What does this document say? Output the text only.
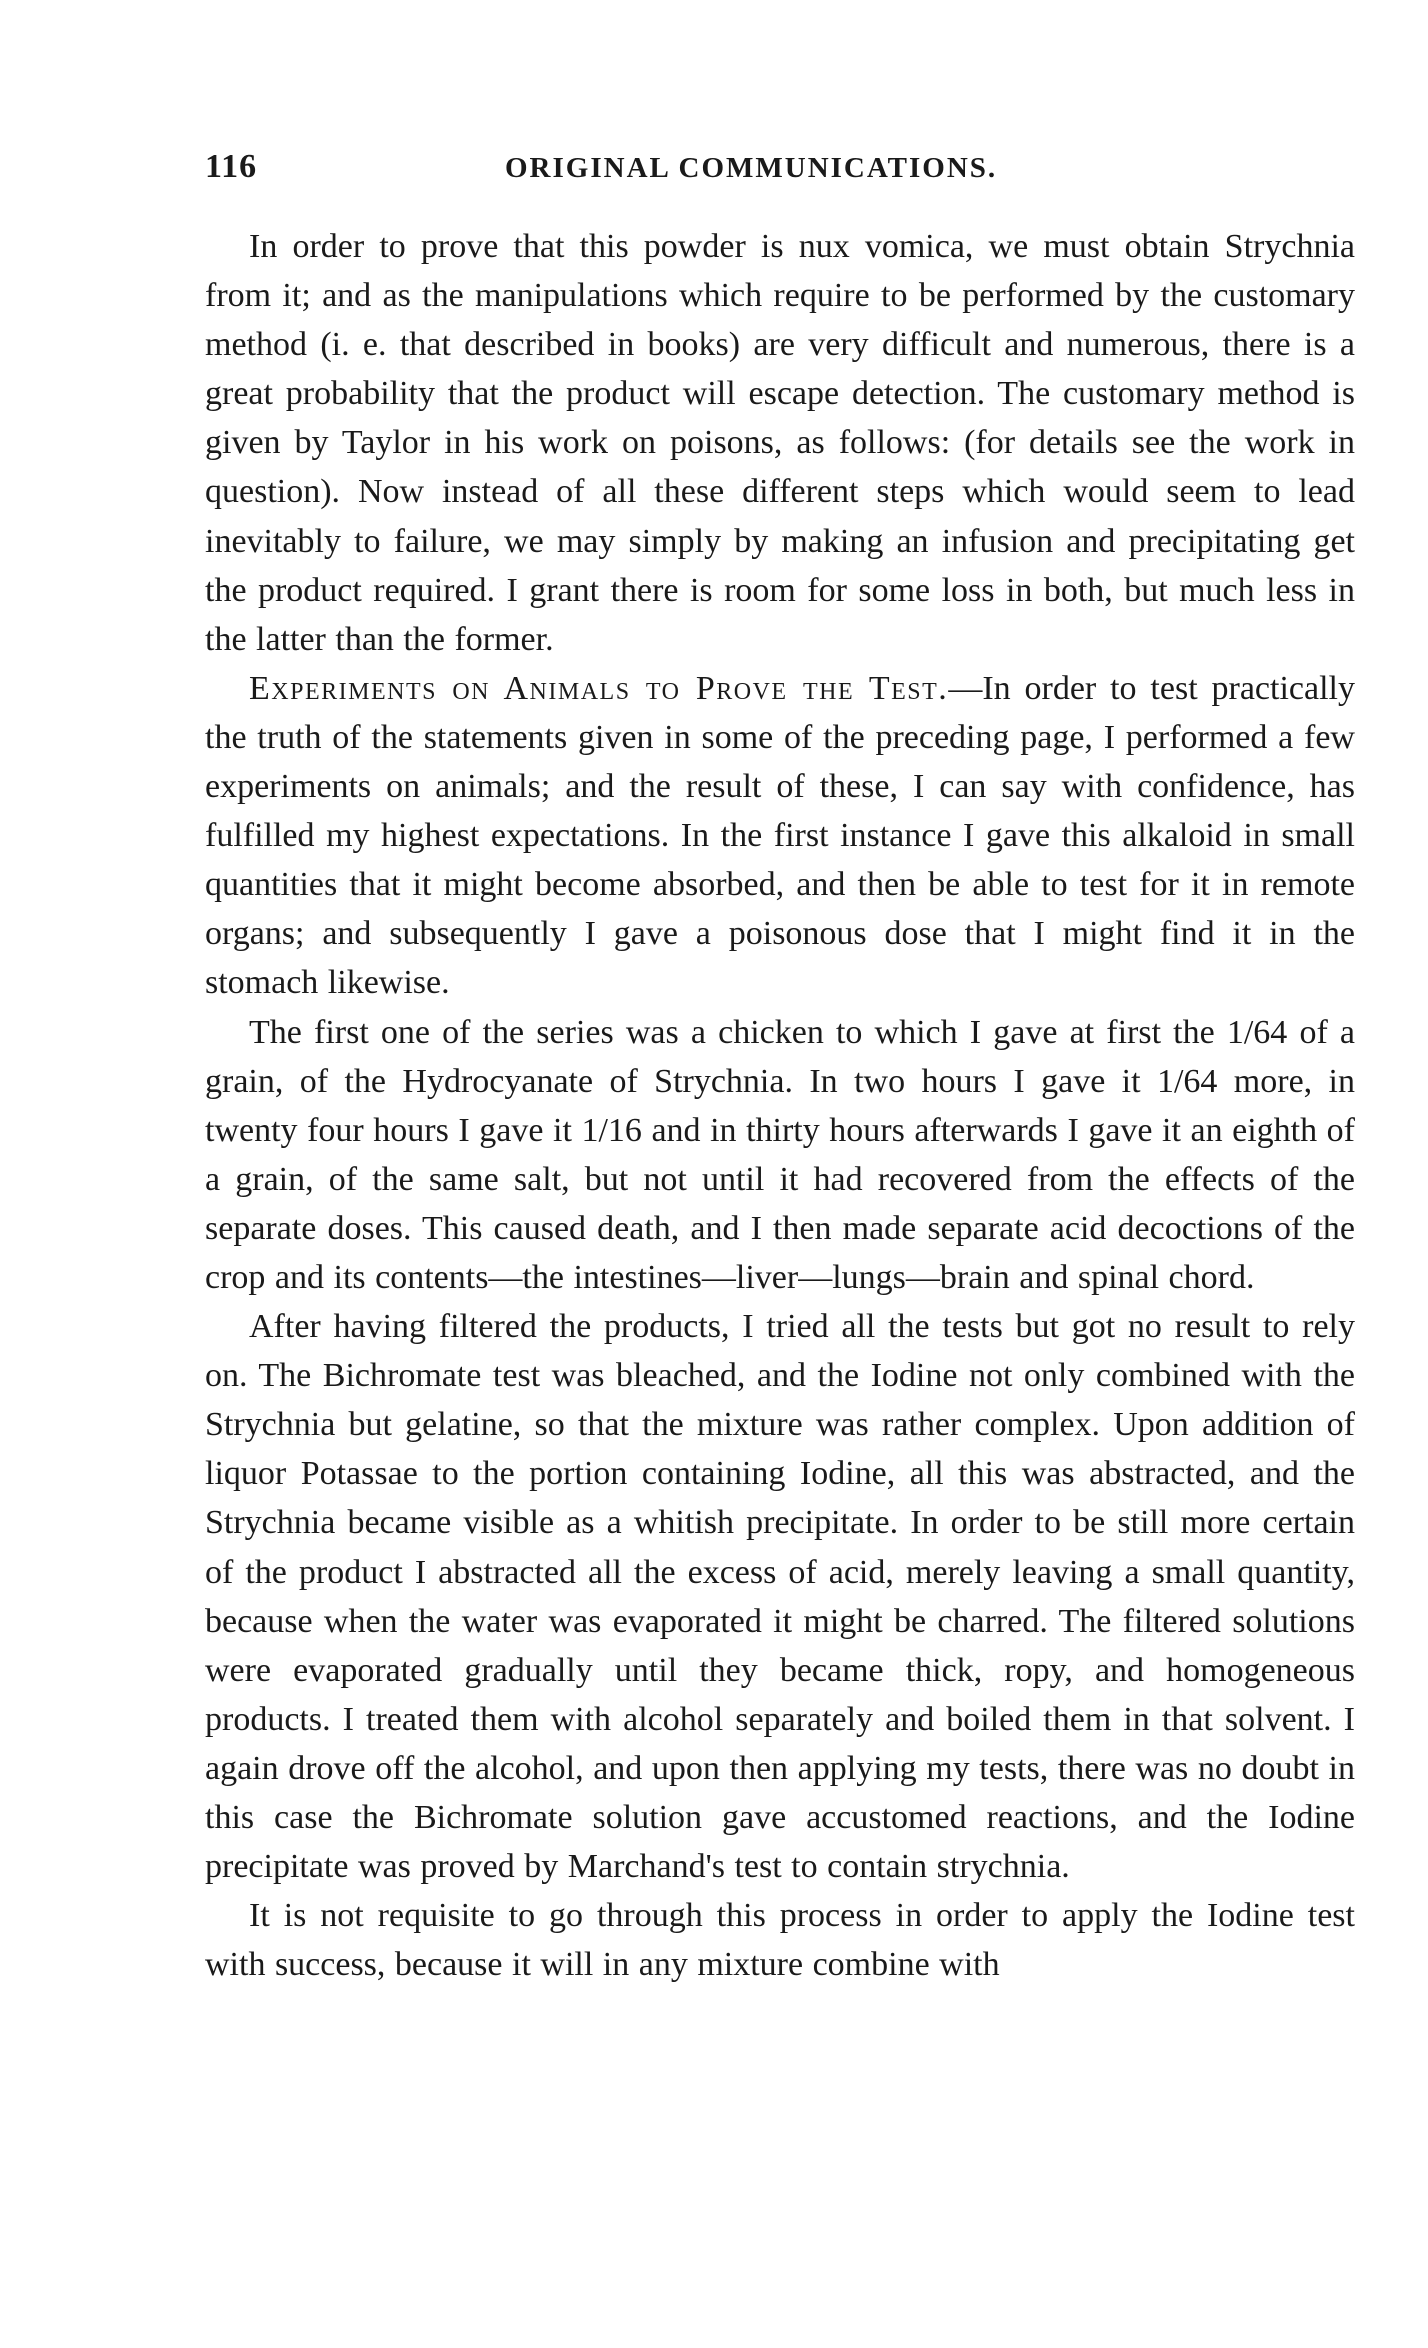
116	ORIGINAL COMMUNICATIONS.

In order to prove that this powder is nux vomica, we must obtain Strychnia from it; and as the manipulations which require to be performed by the customary method (i. e. that described in books) are very difficult and numerous, there is a great probability that the product will escape detection. The customary method is given by Taylor in his work on poisons, as follows: (for details see the work in question). Now instead of all these different steps which would seem to lead inevitably to failure, we may simply by making an infusion and precipitating get the product required. I grant there is room for some loss in both, but much less in the latter than the former.

Experiments on Animals to Prove the Test.—In order to test practically the truth of the statements given in some of the preceding page, I performed a few experiments on animals; and the result of these, I can say with confidence, has fulfilled my highest expectations. In the first instance I gave this alkaloid in small quantities that it might become absorbed, and then be able to test for it in remote organs; and subsequently I gave a poisonous dose that I might find it in the stomach likewise.

The first one of the series was a chicken to which I gave at first the 1/64 of a grain, of the Hydrocyanate of Strychnia. In two hours I gave it 1/64 more, in twenty four hours I gave it 1/16 and in thirty hours afterwards I gave it an eighth of a grain, of the same salt, but not until it had recovered from the effects of the separate doses. This caused death, and I then made separate acid decoctions of the crop and its contents—the intestines—liver—lungs—brain and spinal chord.

After having filtered the products, I tried all the tests but got no result to rely on. The Bichromate test was bleached, and the Iodine not only combined with the Strychnia but gelatine, so that the mixture was rather complex. Upon addition of liquor Potassae to the portion containing Iodine, all this was abstracted, and the Strychnia became visible as a whitish precipitate. In order to be still more certain of the product I abstracted all the excess of acid, merely leaving a small quantity, because when the water was evaporated it might be charred. The filtered solutions were evaporated gradually until they became thick, ropy, and homogeneous products. I treated them with alcohol separately and boiled them in that solvent. I again drove off the alcohol, and upon then applying my tests, there was no doubt in this case the Bichromate solution gave accustomed reactions, and the Iodine precipitate was proved by Marchand's test to contain strychnia.

It is not requisite to go through this process in order to apply the Iodine test with success, because it will in any mixture combine with
